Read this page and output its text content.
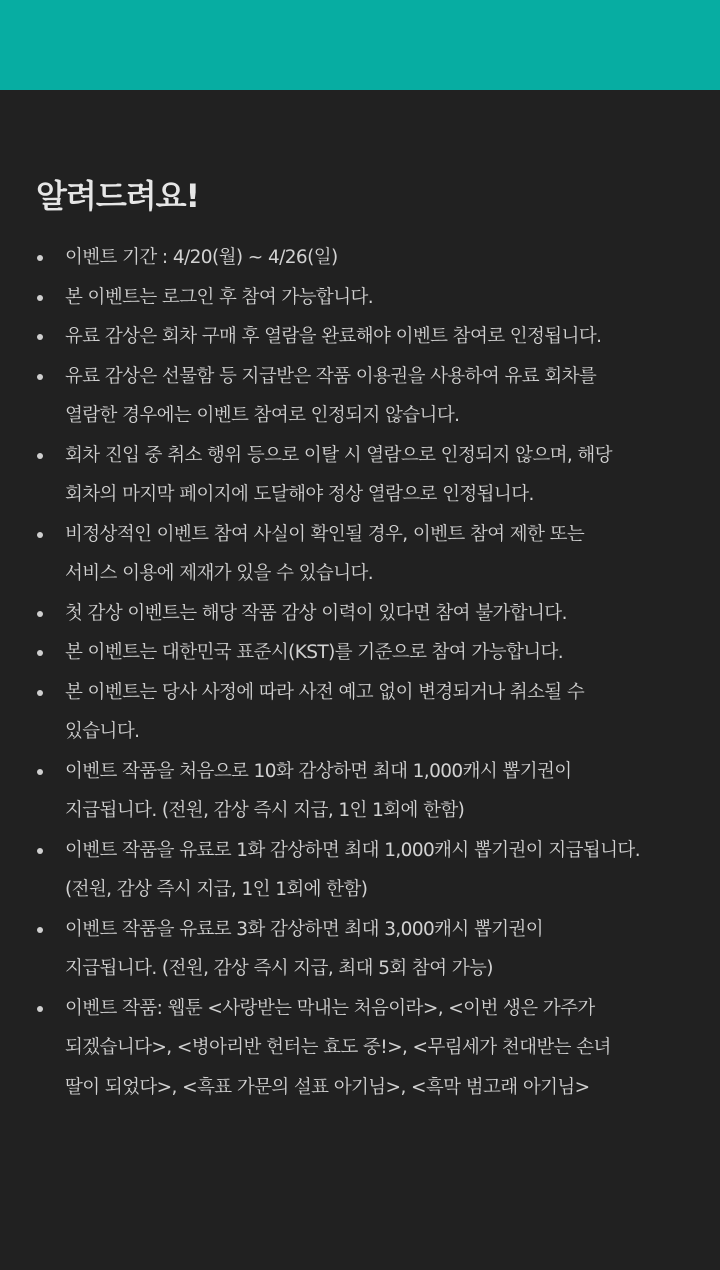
알려드려요!
이벤트 기간 : 4/20(월) ~ 4/26(일)
본 이벤트는 로그인 후 참여 가능합니다.
유료 감상은 회차 구매 후 열람을 완료해야 이벤트 참여로 인정됩니다.
유료 감상은 선물함 등 지급받은 작품 이용권을 사용하여 유료 회차를
열람한 경우에는 이벤트 참여로 인정되지 않습니다.
회차 진입 중 취소 행위 등으로 이탈 시 열람으로 인정되지 않으며, 해당
회차의 마지막 페이지에 도달해야 정상 열람으로 인정됩니다.
비정상적인 이벤트 참여 사실이 확인될 경우, 이벤트 참여 제한 또는
서비스 이용에 제재가 있을 수 있습니다.
첫 감상 이벤트는 해당 작품 감상 이력이 있다면 참여 불가합니다.
본 이벤트는 대한민국 표준시(KST)를 기준으로 참여 가능합니다.
본 이벤트는 당사 사정에 따라 사전 예고 없이 변경되거나 취소될 수
있습니다.
이벤트 작품을 처음으로 10화 감상하면 최대 1,000캐시 뽑기권이
지급됩니다. (전원, 감상 즉시 지급, 1인 1회에 한함)
이벤트 작품을 유료로 1화 감상하면 최대 1,000캐시 뽑기권이 지급됩니다.
(전원, 감상 즉시 지급, 1인 1회에 한함)
이벤트 작품을 유료로 3화 감상하면 최대 3,000캐시 뽑기권이
지급됩니다. (전원, 감상 즉시 지급, 최대 5회 참여 가능)
이벤트 작품: 웹툰 <사랑받는 막내는 처음이라>, <이번 생은 가주가
되겠습니다>, <병아리반 헌터는 효도 중!>, <무림세가 천대받는 손녀
딸이 되었다>, <흑표 가문의 설표 아기님>, <흑막 범고래 아기님>
